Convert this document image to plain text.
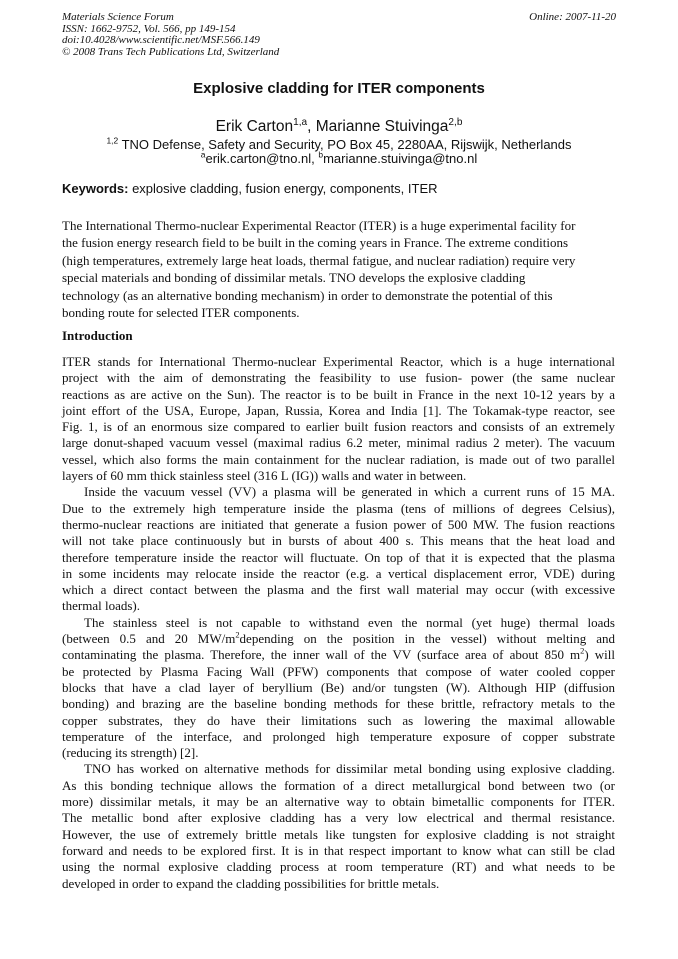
Materials Science Forum
ISSN: 1662-9752, Vol. 566, pp 149-154
doi:10.4028/www.scientific.net/MSF.566.149
© 2008 Trans Tech Publications Ltd, Switzerland
Online: 2007-11-20
Explosive cladding for ITER components
Erik Carton$^{1,a}$, Marianne Stuivinga$^{2,b}$
$^{1,2}$ TNO Defense, Safety and Security, PO Box 45, 2280AA, Rijswijk, Netherlands
$^a$erik.carton@tno.nl, $^b$marianne.stuivinga@tno.nl
Keywords: explosive cladding, fusion energy, components, ITER
The International Thermo-nuclear Experimental Reactor (ITER) is a huge experimental facility for
the fusion energy research field to be built in the coming years in France. The extreme conditions
(high temperatures, extremely large heat loads, thermal fatigue, and nuclear radiation) require very
special materials and bonding of dissimilar metals. TNO develops the explosive cladding
technology (as an alternative bonding mechanism) in order to demonstrate the potential of this
bonding route for selected ITER components.
Introduction
ITER stands for International Thermo-nuclear Experimental Reactor, which is a huge international
project with the aim of demonstrating the feasibility to use fusion- power (the same nuclear
reactions as are active on the Sun). The reactor is to be built in France in the next 10-12 years by a
joint effort of the USA, Europe, Japan, Russia, Korea and India [1]. The Tokamak-type reactor, see
Fig. 1, is of an enormous size compared to earlier built fusion reactors and consists of an extremely
large donut-shaped vacuum vessel (maximal radius 6.2 meter, minimal radius 2 meter). The vacuum
vessel, which also forms the main containment for the nuclear radiation, is made out of two parallel
layers of 60 mm thick stainless steel (316 L (IG)) walls and water in between.
Inside the vacuum vessel (VV) a plasma will be generated in which a current runs of 15 MA.
Due to the extremely high temperature inside the plasma (tens of millions of degrees Celsius),
thermo-nuclear reactions are initiated that generate a fusion power of 500 MW. The fusion reactions
will not take place continuously but in bursts of about 400 s. This means that the heat load and
therefore temperature inside the reactor will fluctuate. On top of that it is expected that the plasma
in some incidents may relocate inside the reactor (e.g. a vertical displacement error, VDE) during
which a direct contact between the plasma and the first wall material may occur (with excessive
thermal loads).
The stainless steel is not capable to withstand even the normal (yet huge) thermal loads
(between 0.5 and 20 $MW/m^2depending$ on the position in the vessel) without melting and
contaminating the plasma. Therefore, the inner wall of the VV (surface area of about 850 $m^2$) will
be protected by Plasma Facing Wall (PFW) components that compose of water cooled copper
blocks that have a clad layer of beryllium (Be) and/or tungsten (W). Although HIP (diffusion
bonding) and brazing are the baseline bonding methods for these brittle, refractory metals to the
copper substrates, they do have their limitations such as lowering the maximal allowable
temperature of the interface, and prolonged high temperature exposure of copper substrate
(reducing its strength) [2].
TNO has worked on alternative methods for dissimilar metal bonding using explosive cladding.
As this bonding technique allows the formation of a direct metallurgical bond between two (or
more) dissimilar metals, it may be an alternative way to obtain bimetallic components for ITER.
The metallic bond after explosive cladding has a very low electrical and thermal resistance.
However, the use of extremely brittle metals like tungsten for explosive cladding is not straight
forward and needs to be explored first. It is in that respect important to know what can still be clad
using the normal explosive cladding process at room temperature (RT) and what needs to be
developed in order to expand the cladding possibilities for brittle metals.
